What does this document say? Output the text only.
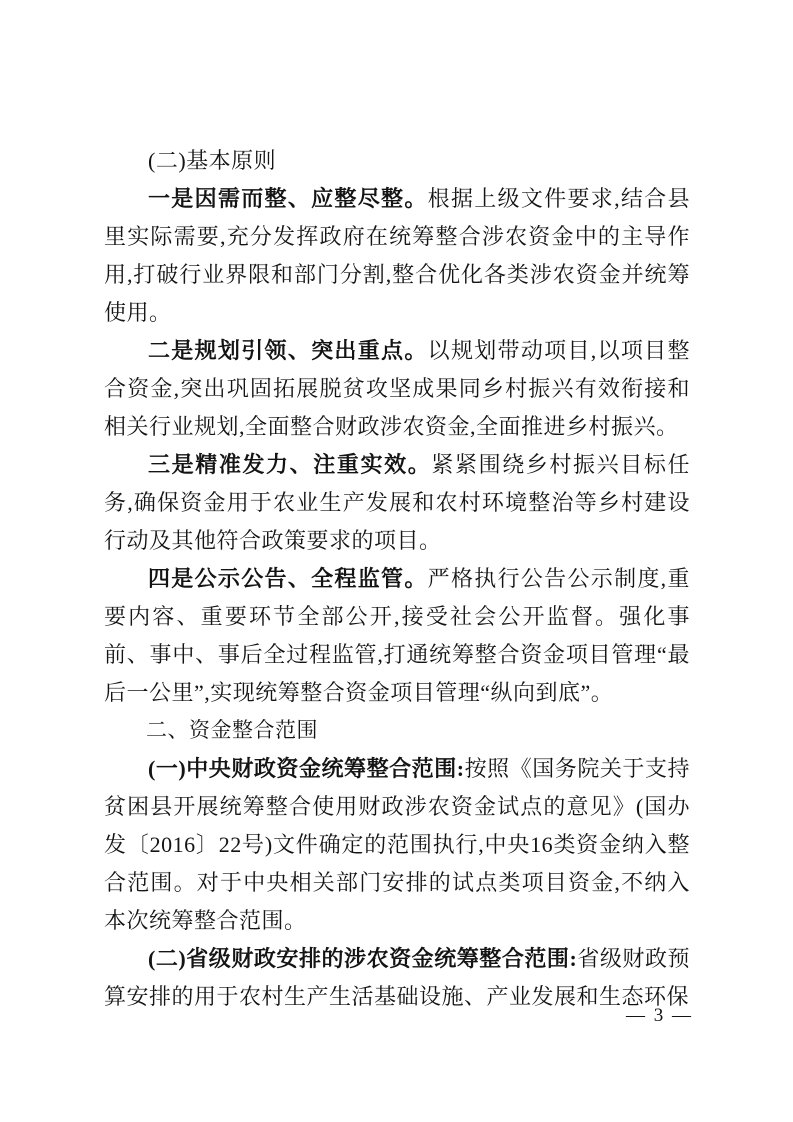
(二)基本原则

一是因需而整、应整尽整。根据上级文件要求,结合县里实际需要,充分发挥政府在统筹整合涉农资金中的主导作用,打破行业界限和部门分割,整合优化各类涉农资金并统筹使用。

二是规划引领、突出重点。以规划带动项目,以项目整合资金,突出巩固拓展脱贫攻坚成果同乡村振兴有效衔接和相关行业规划,全面整合财政涉农资金,全面推进乡村振兴。

三是精准发力、注重实效。紧紧围绕乡村振兴目标任务,确保资金用于农业生产发展和农村环境整治等乡村建设行动及其他符合政策要求的项目。

四是公示公告、全程监管。严格执行公告公示制度,重要内容、重要环节全部公开,接受社会公开监督。强化事前、事中、事后全过程监管,打通统筹整合资金项目管理“最后一公里”,实现统筹整合资金项目管理“纵向到底”。

二、资金整合范围

(一)中央财政资金统筹整合范围:按照《国务院关于支持贫困县开展统筹整合使用财政涉农资金试点的意见》(国办发〔2016〕22号)文件确定的范围执行,中央16类资金纳入整合范围。对于中央相关部门安排的试点类项目资金,不纳入本次统筹整合范围。

(二)省级财政安排的涉农资金统筹整合范围:省级财政预算安排的用于农村生产生活基础设施、产业发展和生态环保

— 3 —
